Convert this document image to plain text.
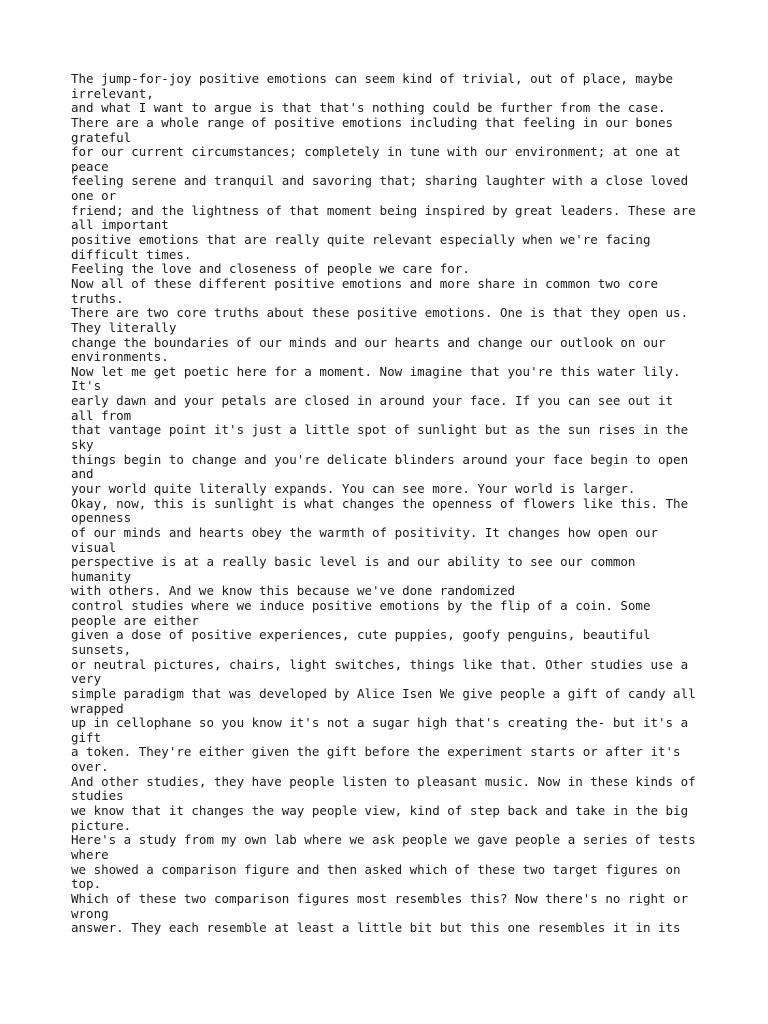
The jump-for-joy positive emotions can seem kind of trivial, out of place, maybe
irrelevant,
and what I want to argue is that that's nothing could be further from the case.
There are a whole range of positive emotions including that feeling in our bones
grateful
for our current circumstances; completely in tune with our environment; at one at
peace
feeling serene and tranquil and savoring that; sharing laughter with a close loved
one or
friend; and the lightness of that moment being inspired by great leaders. These are
all important
positive emotions that are really quite relevant especially when we're facing
difficult times.
Feeling the love and closeness of people we care for.
Now all of these different positive emotions and more share in common two core
truths.
There are two core truths about these positive emotions. One is that they open us.
They literally
change the boundaries of our minds and our hearts and change our outlook on our
environments.
Now let me get poetic here for a moment. Now imagine that you're this water lily.
It's
early dawn and your petals are closed in around your face. If you can see out it
all from
that vantage point it's just a little spot of sunlight but as the sun rises in the
sky
things begin to change and you're delicate blinders around your face begin to open
and
your world quite literally expands. You can see more. Your world is larger.
Okay, now, this is sunlight is what changes the openness of flowers like this. The
openness
of our minds and hearts obey the warmth of positivity. It changes how open our
visual
perspective is at a really basic level is and our ability to see our common
humanity
with others. And we know this because we've done randomized
control studies where we induce positive emotions by the flip of a coin. Some
people are either
given a dose of positive experiences, cute puppies, goofy penguins, beautiful
sunsets,
or neutral pictures, chairs, light switches, things like that. Other studies use a
very
simple paradigm that was developed by Alice Isen We give people a gift of candy all
wrapped
up in cellophane so you know it's not a sugar high that's creating the- but it's a
gift
a token. They're either given the gift before the experiment starts or after it's
over.
And other studies, they have people listen to pleasant music. Now in these kinds of
studies
we know that it changes the way people view, kind of step back and take in the big
picture.
Here's a study from my own lab where we ask people we gave people a series of tests
where
we showed a comparison figure and then asked which of these two target figures on
top.
Which of these two comparison figures most resembles this? Now there's no right or
wrong
answer. They each resemble at least a little bit but this one resembles it in its
